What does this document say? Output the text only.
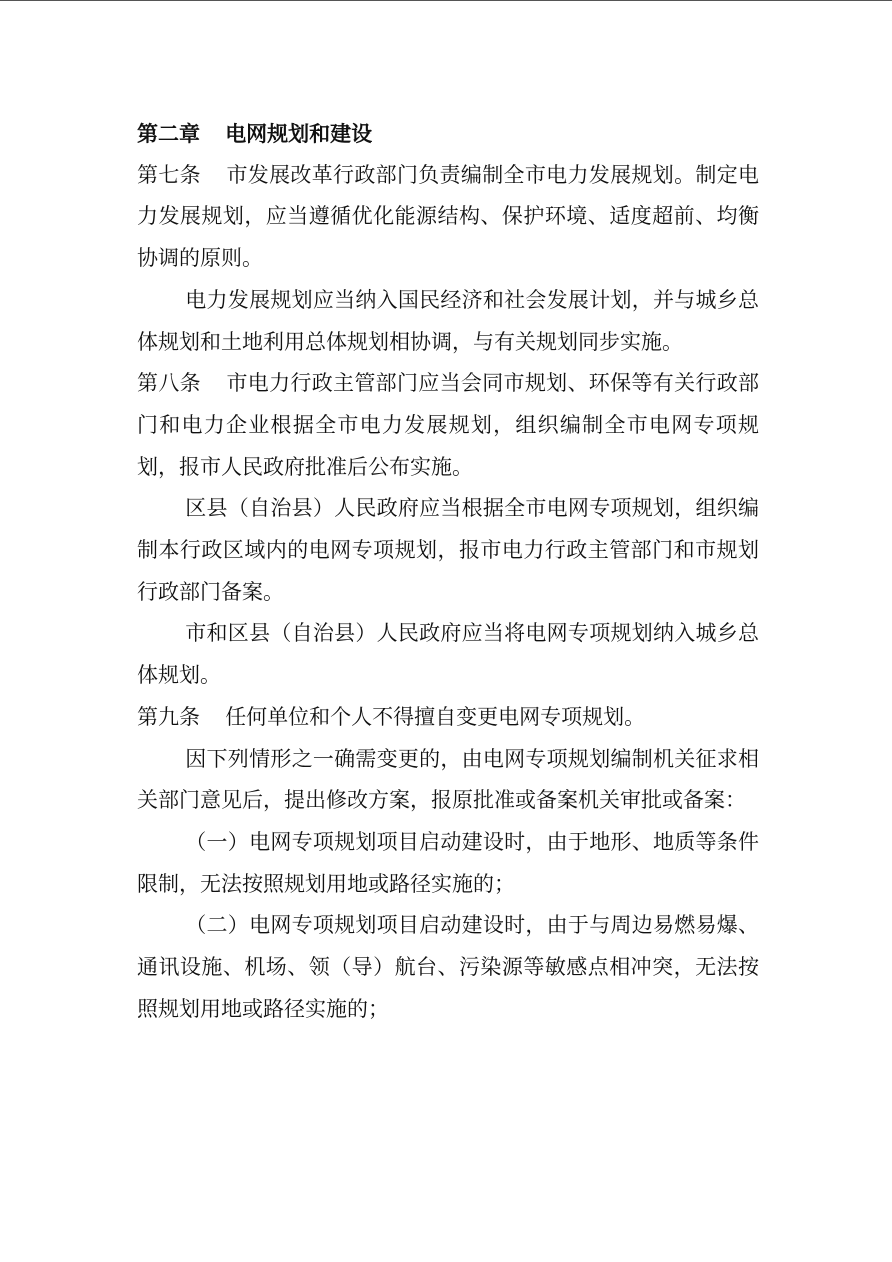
第二章 电网规划和建设

第七条 市发展改革行政部门负责编制全市电力发展规划。制定电力发展规划，应当遵循优化能源结构、保护环境、适度超前、均衡协调的原则。

电力发展规划应当纳入国民经济和社会发展计划，并与城乡总体规划和土地利用总体规划相协调，与有关规划同步实施。

第八条 市电力行政主管部门应当会同市规划、环保等有关行政部门和电力企业根据全市电力发展规划，组织编制全市电网专项规划，报市人民政府批准后公布实施。

区县（自治县）人民政府应当根据全市电网专项规划，组织编制本行政区域内的电网专项规划，报市电力行政主管部门和市规划行政部门备案。

市和区县（自治县）人民政府应当将电网专项规划纳入城乡总体规划。

第九条 任何单位和个人不得擅自变更电网专项规划。

因下列情形之一确需变更的，由电网专项规划编制机关征求相关部门意见后，提出修改方案，报原批准或备案机关审批或备案：

（一）电网专项规划项目启动建设时，由于地形、地质等条件限制，无法按照规划用地或路径实施的；

（二）电网专项规划项目启动建设时，由于与周边易燃易爆、通讯设施、机场、领（导）航台、污染源等敏感点相冲突，无法按照规划用地或路径实施的；
